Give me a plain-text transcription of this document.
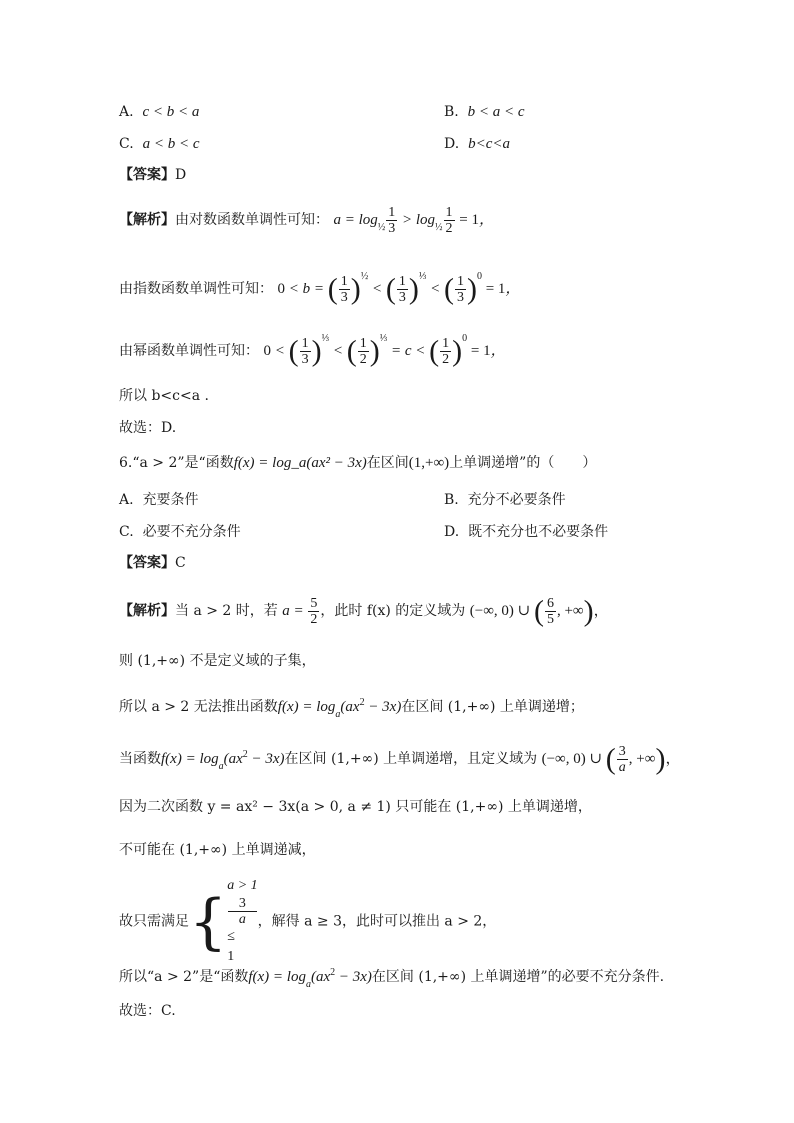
A. c < b < a	B. b < a < c
C. a < b < c	D. b<c<a
【答案】D
【解析】由对数函数单调性可知： $a = \log_{\frac{1}{2}} \frac{1}{3} > \log_{\frac{1}{2}} \frac{1}{2} = 1$，
由指数函数单调性可知： 0 < b = ( $\frac{1}{3} )^{\frac{1}{2}}$ < ( $\frac{1}{3} )^{\frac{1}{3}}$ < ( $\frac{1}{3} )^0 = 1$，
由幂函数单调性可知： 0 < ( $\frac{1}{3} )^{\frac{1}{3}}$ < ( $\frac{1}{2} )^{\frac{1}{3}} = c$ < ( $\frac{1}{2} )^0 = 1$，
所以 b<c<a .
故选：D.
6.“a > 2”是“函数f(x) = log_a(ax² − 3x)在区间(1,+∞)上单调递增”的（　　）
A. 充要条件	B. 充分不必要条件
C. 必要不充分条件	D. 既不充分也不必要条件
【答案】C
【解析】当 a > 2 时，若 $a = \frac{5}{2}$ ，此时 f(x) 的定义域为 (−∞, 0) ∪ ( $\frac{6}{5}$ , +∞)，
则 (1,+∞) 不是定义域的子集，
所以 a > 2 无法推出函数$f(x) = \log_a(ax^2 - 3x)$在区间 (1,+∞) 上单调递增；
当函数$f(x) = \log_a(ax^2 - 3x)$在区间 (1,+∞) 上单调递增，且定义域为 (−∞, 0) ∪ ( $\frac{3}{a}$ , +∞)，
因为二次函数 y = ax² − 3x(a > 0, a ≠ 1) 只可能在 (1,+∞) 上单调递增，
不可能在 (1,+∞) 上单调递减，
故只需满足{
a > 1
3
a
≤
1
，解得 a ≥ 3，此时可以推出 a > 2，
所以“a > 2”是“函数$f(x) = \log_a(ax^2 - 3x)$在区间 (1,+∞) 上单调递增”的必要不充分条件.
故选：C.
